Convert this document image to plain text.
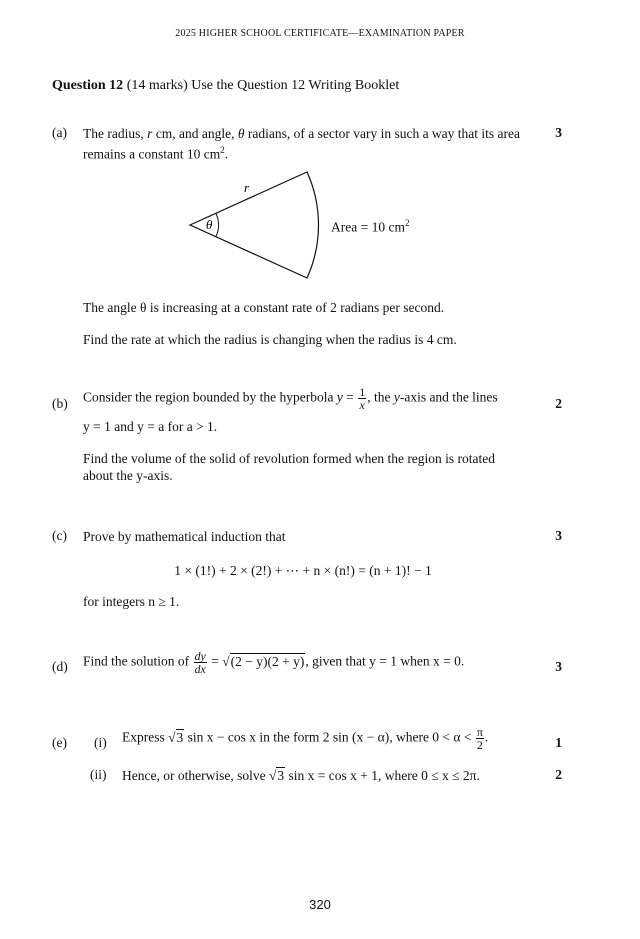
2025 HIGHER SCHOOL CERTIFICATE—EXAMINATION PAPER
Question 12 (14 marks) Use the Question 12 Writing Booklet
(a)	3
The radius, r cm, and angle, θ radians, of a sector vary in such a way that its area
remains a constant 10 $cm^2$.
θ
r
Area = 10 $cm^2$
The angle θ is increasing at a constant rate of 2 radians per second.
Find the rate at which the radius is changing when the radius is 4 cm.
(b)	2
Consider the region bounded by the hyperbola $y = \frac{1}{x}$ , the y-axis and the lines
y = 1 and y = a for a > 1.
Find the volume of the solid of revolution formed when the region is rotated
about the y-axis.
(c)	3
Prove by mathematical induction that
1 × (1!) + 2 × (2!) + ⋯ + n × (n!) = (n + 1)! − 1
for integers n ≥ 1.
(d)	3
Find the solution of $\frac{dy}{dx} = √(2 - y)(2 + y)$, given that y = 1 when x = 0.
(e) (i)	1
Express √3 sin x − cos x in the form 2 sin (x − α), where $0 < \alpha < \frac{\pi}{2}$ .
(ii)	2
Hence, or otherwise, solve √3 sin x = cos x + 1, where 0 ≤ x ≤ 2π.
320
